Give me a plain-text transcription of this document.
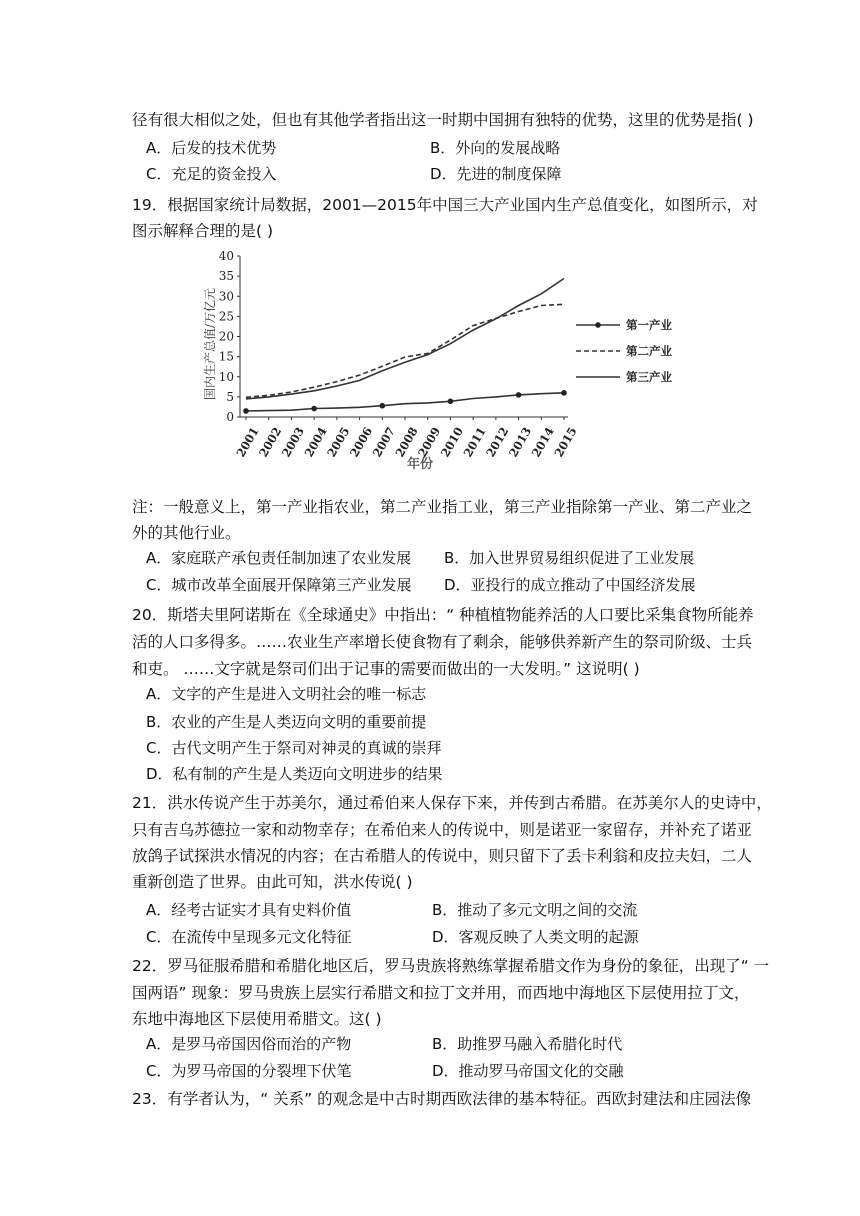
径有很大相似之处，但也有其他学者指出这一时期中国拥有独特的优势，这里的优势是指( )
A．后发的技术优势	B．外向的发展战略
C．充足的资金投入	D．先进的制度保障
19．根据国家统计局数据，2001—2015年中国三大产业国内生产总值变化，如图所示，对
图示解释合理的是( )
0
5
10
15
20
25
30
35
40
2001
2002
2003
2004
2005
2006
2007
2008
2009
2010
2011
2012
2013
2014
2015
国内生产总值/万亿元
年份
第一产业
第二产业
第三产业
注：一般意义上，第一产业指农业，第二产业指工业，第三产业指除第一产业、第二产业之
外的其他行业。
A．家庭联产承包责任制加速了农业发展 B．加入世界贸易组织促进了工业发展
C．城市改革全面展开保障第三产业发展 D．亚投行的成立推动了中国经济发展
20．斯塔夫里阿诺斯在《全球通史》中指出：“ 种植植物能养活的人口要比采集食物所能养
活的人口多得多。……农业生产率增长使食物有了剩余，能够供养新产生的祭司阶级、士兵
和吏。 ……文字就是祭司们出于记事的需要而做出的一大发明。” 这说明( )
A．文字的产生是进入文明社会的唯一标志
B．农业的产生是人类迈向文明的重要前提
C．古代文明产生于祭司对神灵的真诚的崇拜
D．私有制的产生是人类迈向文明进步的结果
21．洪水传说产生于苏美尔，通过希伯来人保存下来，并传到古希腊。在苏美尔人的史诗中，
只有吉乌苏德拉一家和动物幸存；在希伯来人的传说中，则是诺亚一家留存，并补充了诺亚
放鸽子试探洪水情况的内容；在古希腊人的传说中，则只留下了丢卡利翁和皮拉夫妇，二人
重新创造了世界。由此可知，洪水传说( )
A．经考古证实才具有史料价值	B．推动了多元文明之间的交流
C．在流传中呈现多元文化特征	D．客观反映了人类文明的起源
22．罗马征服希腊和希腊化地区后，罗马贵族将熟练掌握希腊文作为身份的象征，出现了“ 一
国两语” 现象：罗马贵族上层实行希腊文和拉丁文并用，而西地中海地区下层使用拉丁文，
东地中海地区下层使用希腊文。这( )
A．是罗马帝国因俗而治的产物	B．助推罗马融入希腊化时代
C．为罗马帝国的分裂埋下伏笔	D．推动罗马帝国文化的交融
23．有学者认为，“ 关系” 的观念是中古时期西欧法律的基本特征。西欧封建法和庄园法像
